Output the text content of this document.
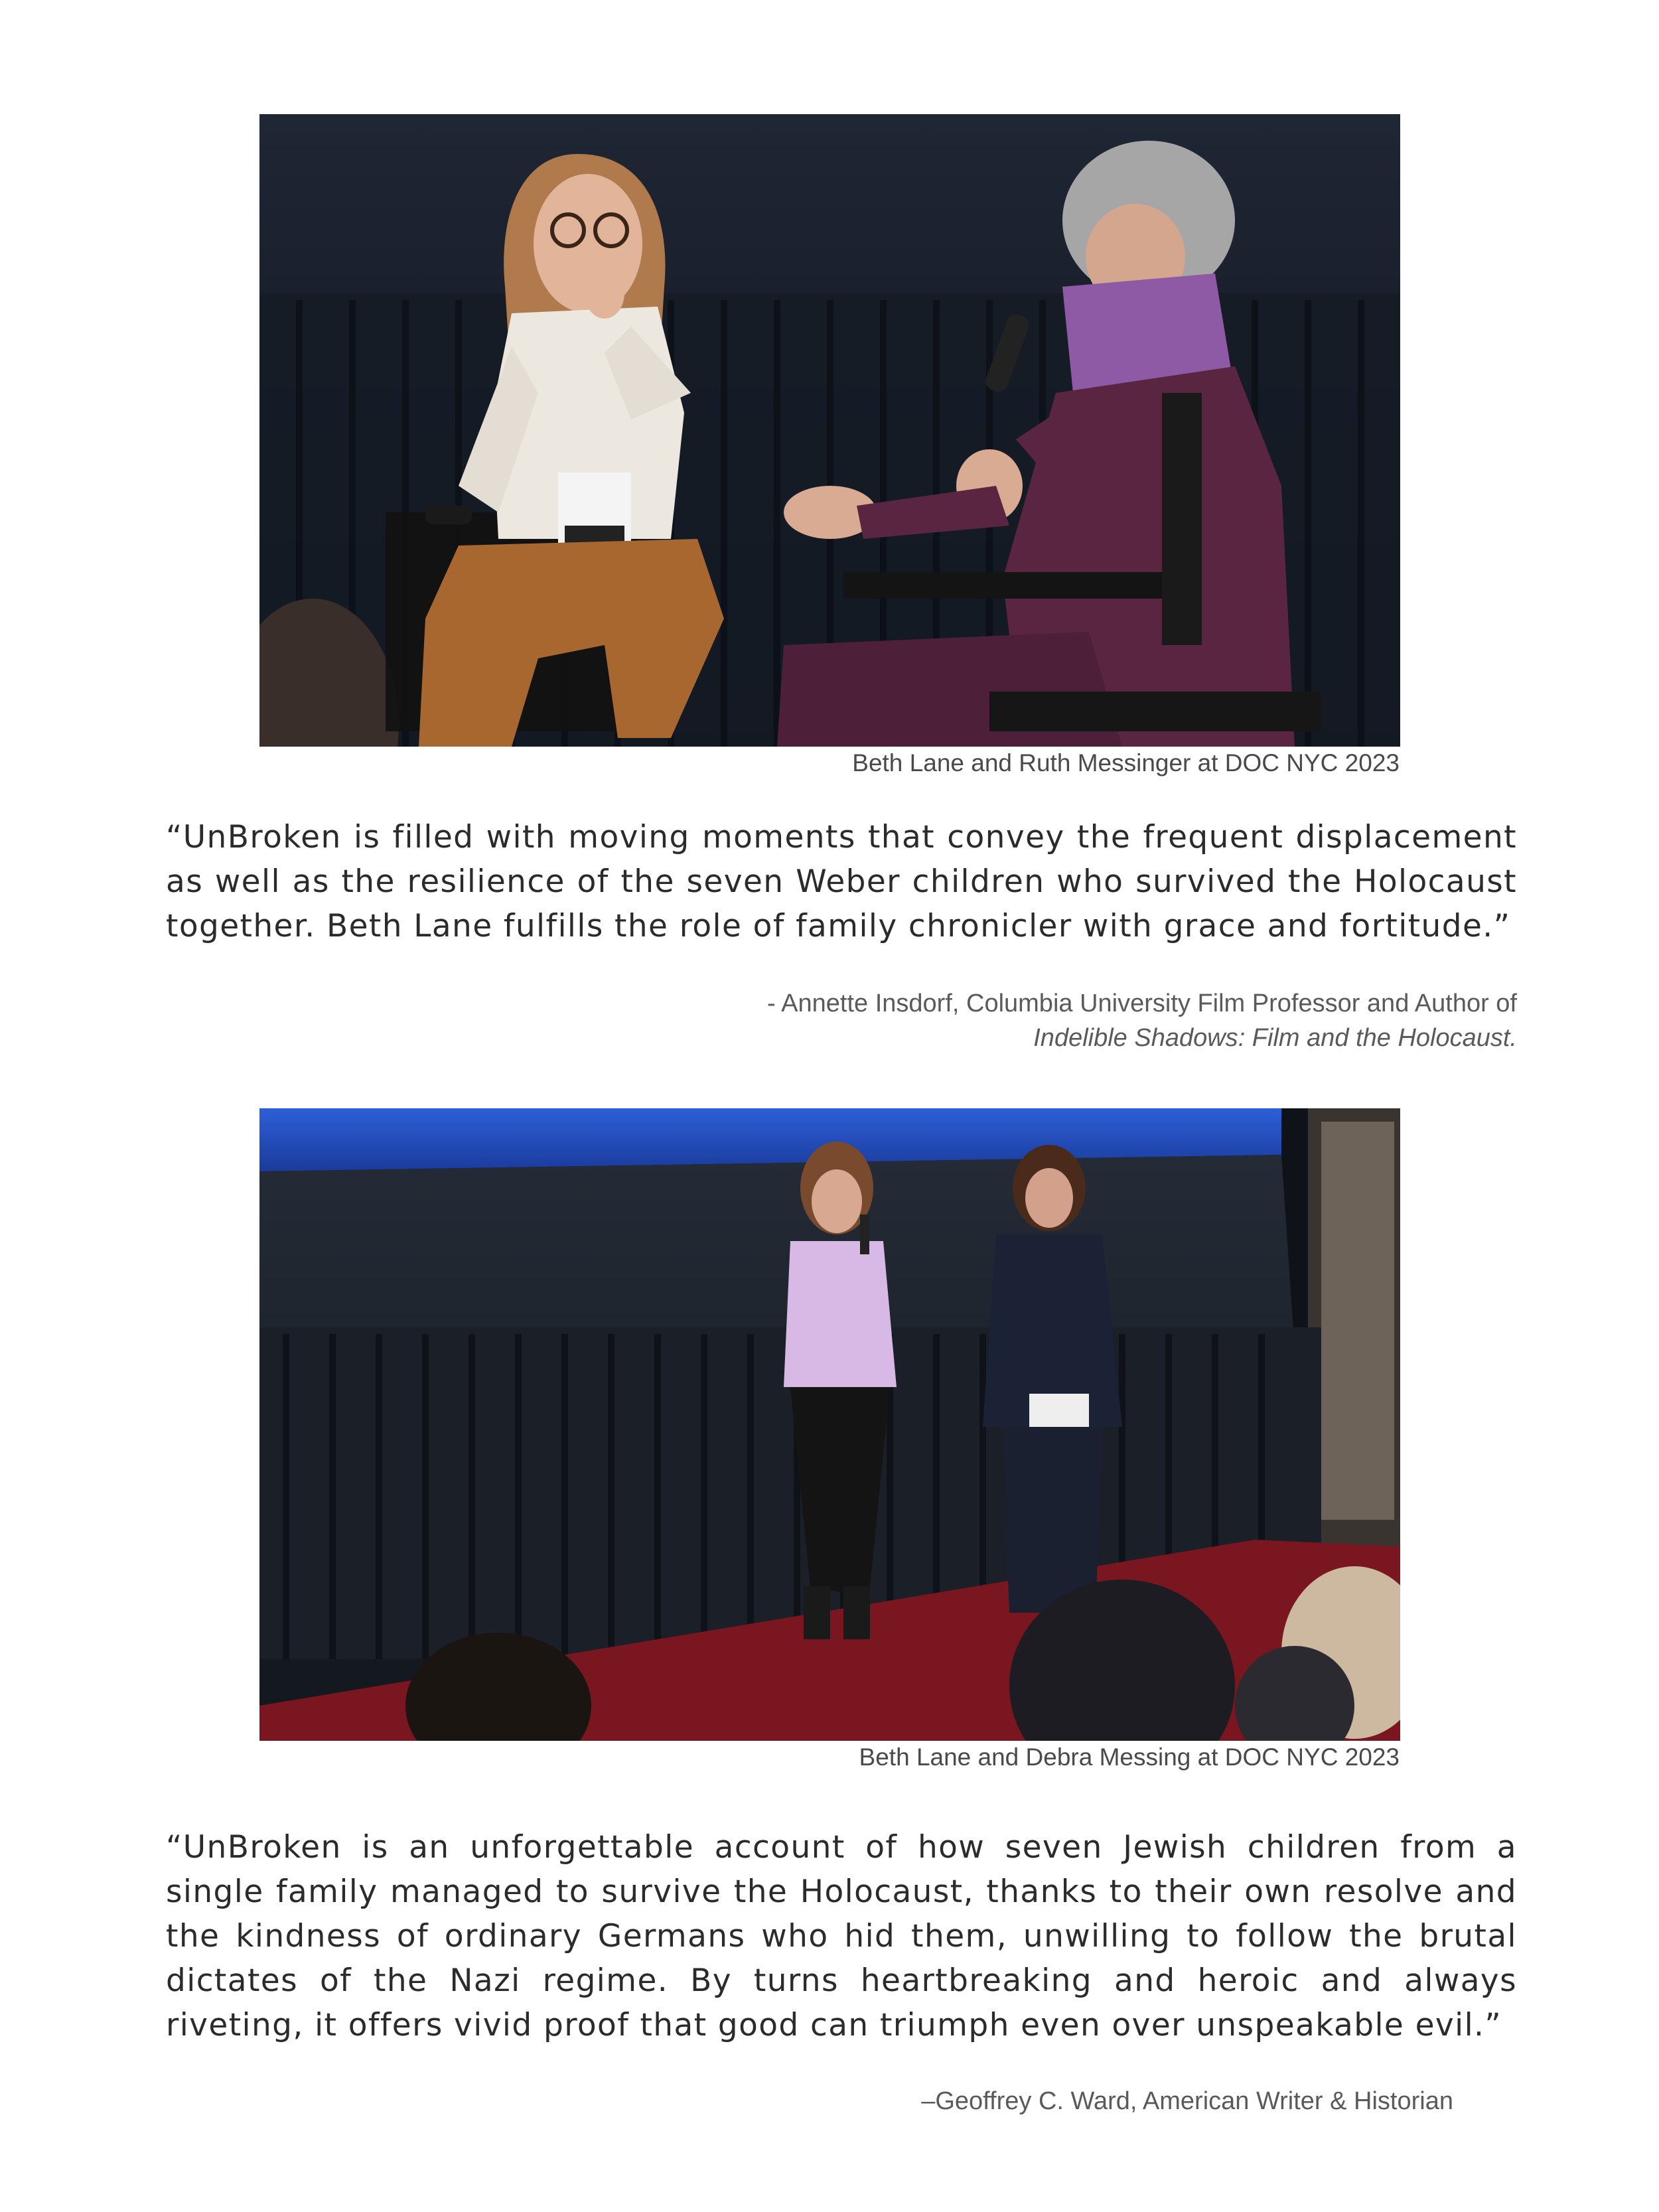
Beth Lane and Ruth Messinger at DOC NYC 2023
“UnBroken is filled with moving moments that convey the frequent displacement as well as the resilience of the seven Weber children who survived the Holocaust together. Beth Lane fulfills the role of family chronicler with grace and fortitude.”
- Annette Insdorf, Columbia University Film Professor and Author of
Indelible Shadows: Film and the Holocaust.
Beth Lane and Debra Messing at DOC NYC 2023
“UnBroken is an unforgettable account of how seven Jewish children from a single family managed to survive the Holocaust, thanks to their own resolve and the kindness of ordinary Germans who hid them, unwilling to follow the brutal dictates of the Nazi regime. By turns heartbreaking and heroic and always riveting, it offers vivid proof that good can triumph even over unspeakable evil.”
–Geoffrey C. Ward, American Writer & Historian
